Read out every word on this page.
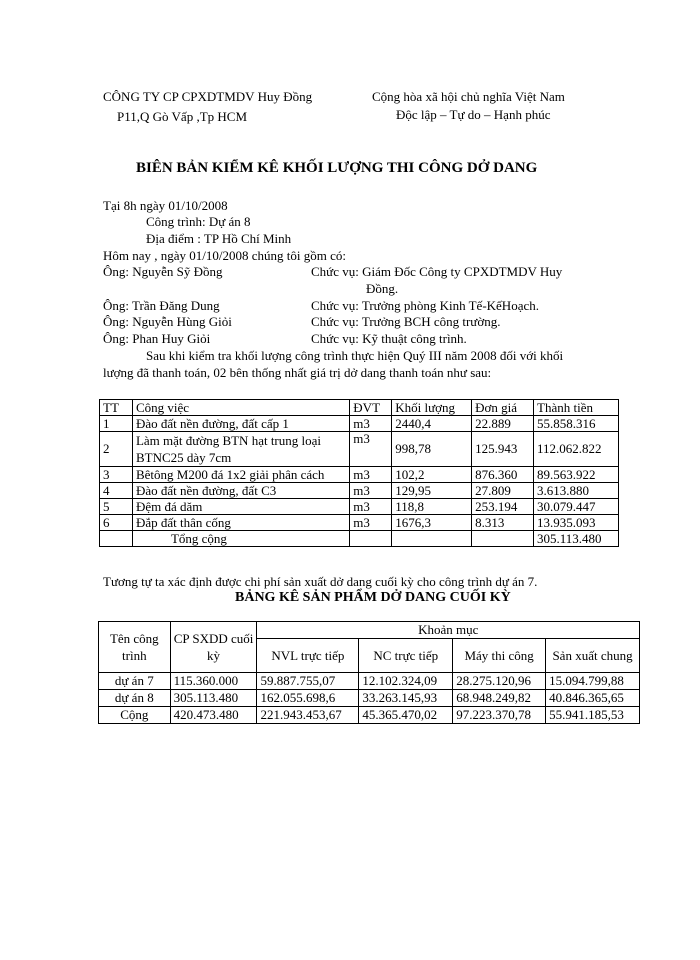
CÔNG TY CP CPXDTMDV Huy Đồng
P11,Q Gò Vấp ,Tp HCM
Cộng hòa xã hội chủ nghĩa Việt Nam
Độc lập – Tự do – Hạnh phúc
BIÊN BẢN KIỂM KÊ KHỐI LƯỢNG THI CÔNG DỞ DANG
Tại 8h ngày 01/10/2008
Công trình: Dự án 8
Địa điểm : TP Hồ Chí Minh
Hôm nay , ngày 01/10/2008 chúng tôi gồm có:
Ông: Nguyễn Sỹ Đồng	Chức vụ: Giám Đốc Công ty CPXDTMDV Huy
Đồng.
Ông: Trần Đăng Dung	Chức vụ: Trưởng phòng Kinh Tế-KếHoạch.
Ông: Nguyễn Hùng Giỏi	Chức vụ: Trưởng BCH công trường.
Ông: Phan Huy Giỏi	Chức vụ: Kỹ thuật công trình.
Sau khi kiểm tra khối lượng công trình thực hiện Quý III năm 2008 đối với khối
lượng đã thanh toán, 02 bên thống nhất giá trị dở dang thanh toán như sau:
TT	Công việc	ĐVT	Khối lượng	Đơn giá	Thành tiền
1	Đào đất nền đường, đất cấp 1	m3	2440,4	22.889	55.858.316
2	Làm mặt đường BTN hạt trung loại BTNC25 dày 7cm	m3	998,78	125.943	112.062.822
3	Bêtông M200 đá 1x2 giải phân cách	m3	102,2	876.360	89.563.922
4	Đào đất nền đường, đất C3	m3	129,95	27.809	3.613.880
5	Đệm đá dăm	m3	118,8	253.194	30.079.447
6	Đắp đất thân cống	m3	1676,3	8.313	13.935.093
	Tổng cộng				305.113.480
Tương tự ta xác định được chi phí sản xuất dở dang cuối kỳ cho công trình dự án 7.
BẢNG KÊ SẢN PHẨM DỞ DANG CUỐI KỲ
Tên công trình	CP SXDD cuối kỳ	Khoản mục			
		NVL trực tiếp	NC trực tiếp	Máy thi công	Sản xuất chung
dự án 7	115.360.000	59.887.755,07	12.102.324,09	28.275.120,96	15.094.799,88
dự án 8	305.113.480	162.055.698,6	33.263.145,93	68.948.249,82	40.846.365,65
Cộng	420.473.480	221.943.453,67	45.365.470,02	97.223.370,78	55.941.185,53
